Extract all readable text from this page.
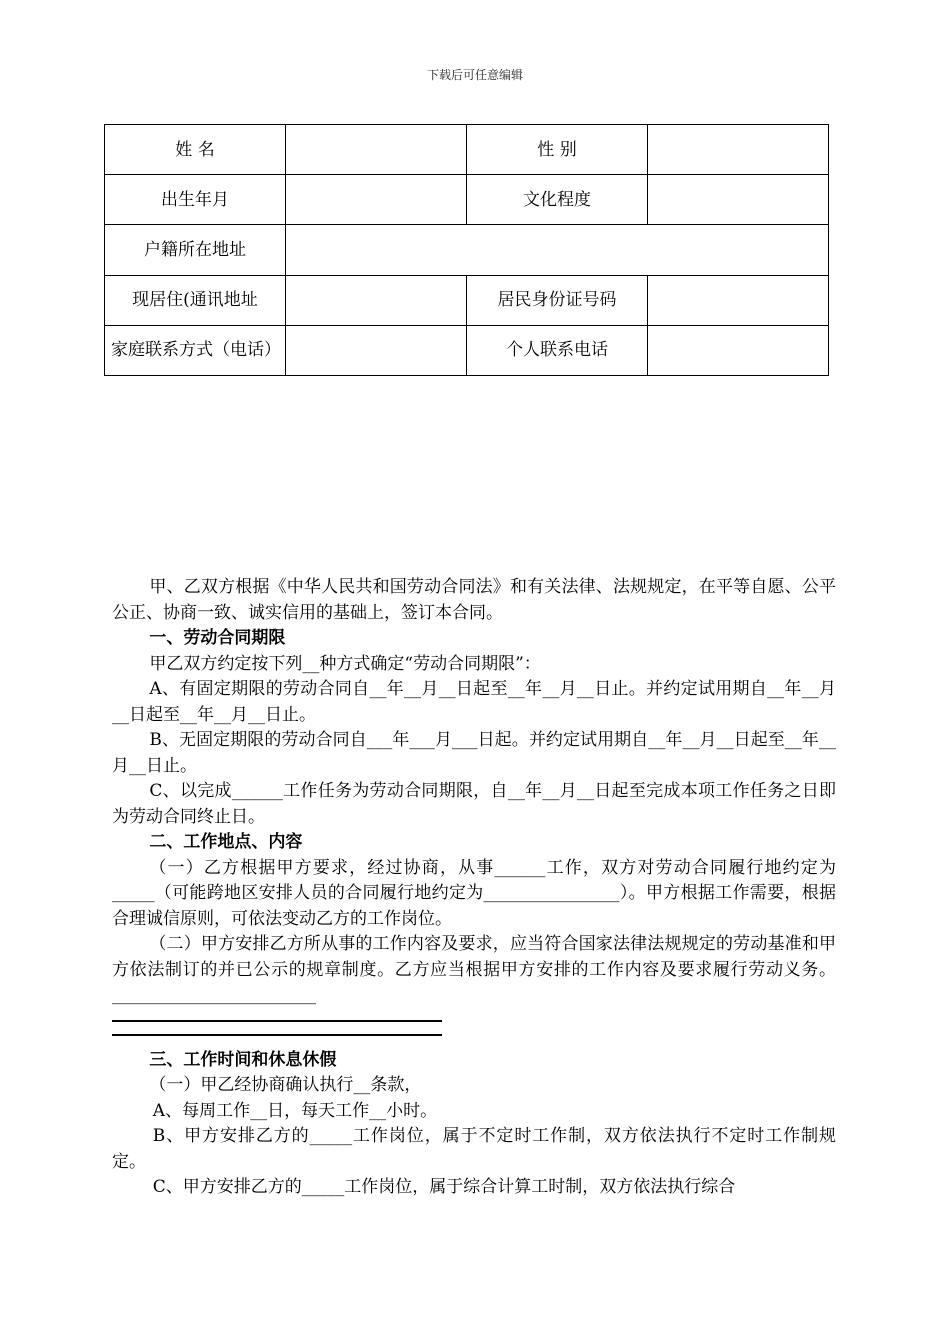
下载后可任意编辑
姓 名		性 别	
出生年月		文化程度	
户籍所在地址			
现居住(通讯地址		居民身份证号码	
家庭联系方式（电话）		个人联系电话	

甲、乙双方根据《中华人民共和国劳动合同法》和有关法律、法规规定，在平等自愿、公平公正、协商一致、诚实信用的基础上，签订本合同。

一、劳动合同期限

甲乙双方约定按下列__种方式确定“劳动合同期限”：

A、有固定期限的劳动合同自__年__月__日起至__年__月__日止。并约定试用期自__年__月__日起至__年__月__日止。

B、无固定期限的劳动合同自___年___月___日起。并约定试用期自__年__月__日起至__年__月__日止。

C、以完成______工作任务为劳动合同期限，自__年__月__日起至完成本项工作任务之日即为劳动合同终止日。

二、工作地点、内容

（一）乙方根据甲方要求，经过协商，从事______工作，双方对劳动合同履行地约定为_____（可能跨地区安排人员的合同履行地约定为________________）。甲方根据工作需要，根据合理诚信原则，可依法变动乙方的工作岗位。

（二）甲方安排乙方所从事的工作内容及要求，应当符合国家法律法规规定的劳动基准和甲方依法制订的并已公示的规章制度。乙方应当根据甲方安排的工作内容及要求履行劳动义务。________________________

三、工作时间和休息休假

（一）甲乙经协商确认执行__条款，

A、每周工作__日，每天工作__小时。

B、甲方安排乙方的_____工作岗位，属于不定时工作制，双方依法执行不定时工作制规定。

C、甲方安排乙方的_____工作岗位，属于综合计算工时制，双方依法执行综合
